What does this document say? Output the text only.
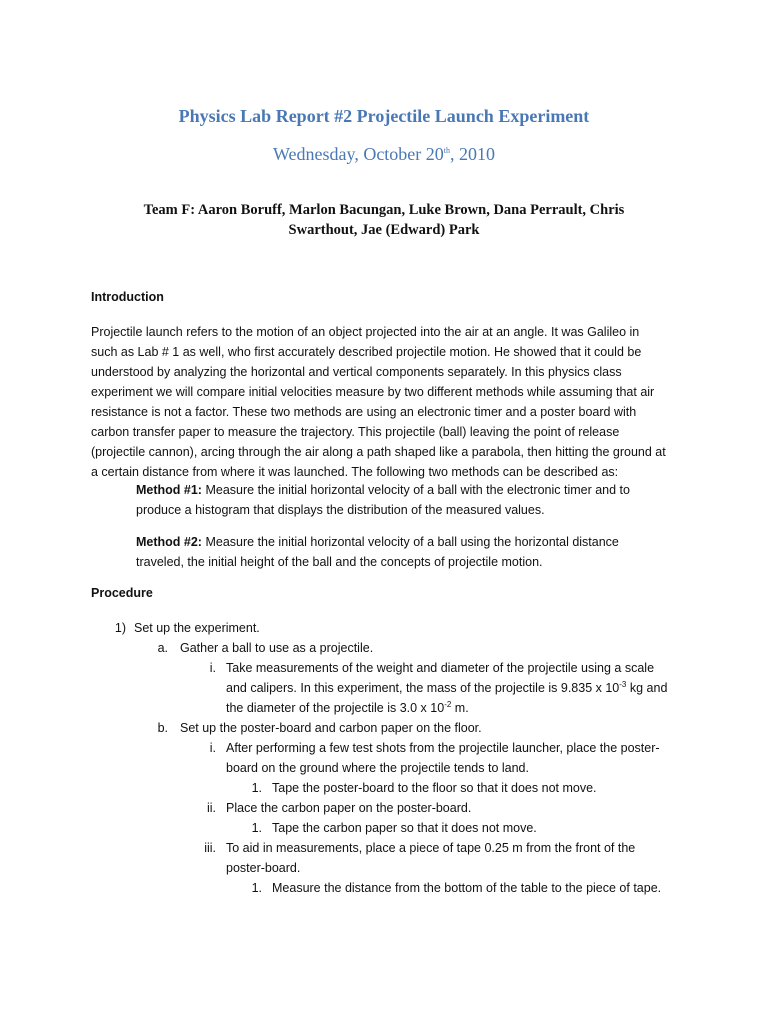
Physics Lab Report #2 Projectile Launch Experiment
Wednesday, October 20th, 2010
Team F: Aaron Boruff, Marlon Bacungan, Luke Brown, Dana Perrault, Chris
Swarthout, Jae (Edward) Park
Introduction
Projectile launch refers to the motion of an object projected into the air at an angle. It was Galileo in
such as Lab # 1 as well, who first accurately described projectile motion. He showed that it could be
understood by analyzing the horizontal and vertical components separately. In this physics class
experiment we will compare initial velocities measure by two different methods while assuming that air
resistance is not a factor. These two methods are using an electronic timer and a poster board with
carbon transfer paper to measure the trajectory. This projectile (ball) leaving the point of release
(projectile cannon), arcing through the air along a path shaped like a parabola, then hitting the ground at
a certain distance from where it was launched. The following two methods can be described as:
Method #1: Measure the initial horizontal velocity of a ball with the electronic timer and to
produce a histogram that displays the distribution of the measured values.
Method #2: Measure the initial horizontal velocity of a ball using the horizontal distance
traveled, the initial height of the ball and the concepts of projectile motion.
Procedure
1) Set up the experiment.
a. Gather a ball to use as a projectile.
i. Take measurements of the weight and diameter of the projectile using a scale
and calipers. In this experiment, the mass of the projectile is 9.835 x $10^{-3}$ kg and
the diameter of the projectile is 3.0 x $10^{-2}$ m.
b. Set up the poster-board and carbon paper on the floor.
i. After performing a few test shots from the projectile launcher, place the poster-
board on the ground where the projectile tends to land.
1. Tape the poster-board to the floor so that it does not move.
ii. Place the carbon paper on the poster-board.
1. Tape the carbon paper so that it does not move.
iii. To aid in measurements, place a piece of tape 0.25 m from the front of the
poster-board.
1. Measure the distance from the bottom of the table to the piece of tape.
